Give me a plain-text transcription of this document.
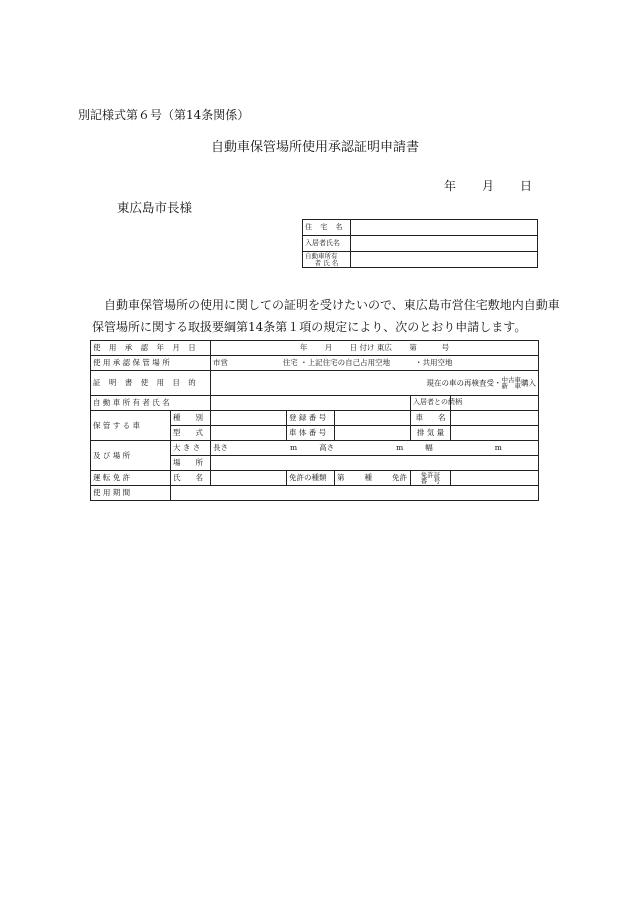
別記様式第６号（第14条関係）
自動車保管場所使用承認証明申請書
年 月 日
東広島市長様
住 宅 名	
入居者氏名	

自動車所有
者 氏 名	

自動車保管場所の使用に関しての証明を受けたいので、東広島市営住宅敷地内自動車
保管場所に関する取扱要綱第14条第１項の規定により、次のとおり申請します。
使 用 承 認 年 月 日		年　　 月　　 日 付け 東広　　 第　　　 号				
使 用 承 認 保 管 場 所		市営 住宅 ・上記住宅の自己占用空地 ・共用空地				
証 明 書 使 用 目 的		現在の車の再検査受・中古車
新　車購入				
自 動 車 所 有 者 氏 名					入居者との続柄	
保 管 す る 車	種　　別		登 録 番 号		車　　名	
	型　　式		車 体 番 号		排 気 量	
及 び 場 所	大 き さ	長さ m 高さ m 幅 m				
	場　　所					
運 転 免 許	氏　　名		免許の種類	第 種 免許	免許証
番　号	
使 用 期 間						
